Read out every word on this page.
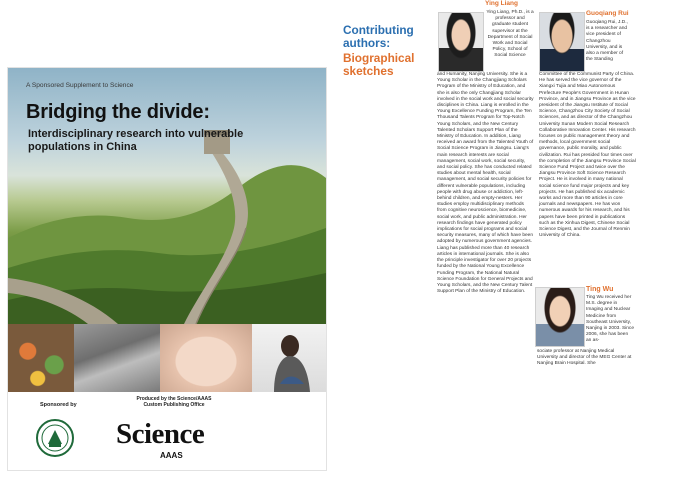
A Sponsored Supplement to Science
Bridging the divide:
Interdisciplinary research into vulnerable populations in China
Sponsored by
Produced by the Science/AAAS Custom Publishing Office
Science
AAAS
Contributing authors:
Biographical sketches
Ying Liang

Ying Liang, Ph.D., is a professor and graduate student supervisor at the Department of Social Work and Social Policy, School of Social Science

and Humanity, Nanjing University. She is a Young Scholar in the Changjiang Scholars Program of the Ministry of Education, and she is also the only Changjiang Scholar involved in the social work and social security disciplines in China. Liang is enrolled in the Young Excellence Funding Program, the Ten Thousand Talents Program for Top-Notch Young Scholars, and the New Century Talented Scholars Support Plan of the Ministry of Education. In addition, Liang received an award from the Talented Youth of Social Science Program in Jiangsu. Liang's main research interests are social management, social work, social security, and social policy. She has conducted related studies about mental health, social management, and social security policies for different vulnerable populations, including people with drug abuse or addiction, left-behind children, and empty-nesters. Her studies employ multidisciplinary methods from cognitive neuroscience, biomedicine, social work, and public administration. Her research findings have generated policy implications for social programs and social security measures, many of which have been adopted by numerous government agencies. Liang has published more than 40 research articles in international journals. She is also the principle investigator for over 20 projects funded by the National Young Excellence Funding Program, the National Natural Science Foundation for General Projects and Young Scholars, and the New Century Talent Support Plan of the Ministry of Education.

Guoqiang Rui

Guoqiang Rui, J.D., is a researcher and vice president of Changzhou University, and is also a member of the Standing

Committee of the Communist Party of China. He has served the vice governor of the Xiangxi Tujia and Miao Autonomous Prefecture People's Government in Hunan Province, and in Jiangsu Province as the vice president of the Jiangsu Institute of Social Science, Changzhou City Society of Social Sciences, and as director of the Changzhou University Sunan Modern Social Research Collaborative Innovation Center. His research focuses on public management theory and methods, local government social governance, public morality, and public civilization. Rui has presided four times over the completion of the Jiangsu Province Social Science Fund Project and twice over the Jiangsu Province Soft Science Research Project. He is involved in many national social science fund major projects and key projects. He has published six academic works and more than 90 articles in core journals and newspapers. He has won numerous awards for his research, and his papers have been printed in publications such as the Xinhua Digest, Chinese Social Science Digest, and the Journal of Renmin University of China.

Ting Wu

Ting Wu received her M.S. degree in Imaging and Nuclear Medicine from Southeast University, Nanjing in 2003. Since 2006, she has been an as-

sociate professor at Nanjing Medical University and director of the MEG Center at Nanjing Brain Hospital. She
